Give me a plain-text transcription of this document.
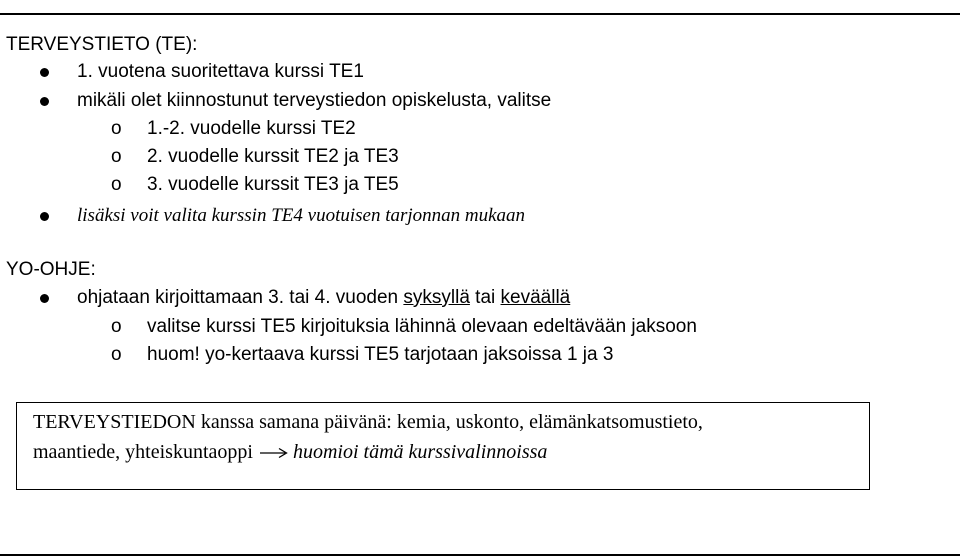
TERVEYSTIETO (TE):
1. vuotena suoritettava kurssi TE1
mikäli olet kiinnostunut terveystiedon opiskelusta, valitse
o 1.-2. vuodelle kurssi TE2
o 2. vuodelle kurssit TE2 ja TE3
o 3. vuodelle kurssit TE3 ja TE5
lisäksi voit valita kurssin TE4 vuotuisen tarjonnan mukaan
YO-OHJE:
ohjataan kirjoittamaan 3. tai 4. vuoden syksyllä tai keväällä
o valitse kurssi TE5 kirjoituksia lähinnä olevaan edeltävään jaksoon
o huom! yo-kertaava kurssi TE5 tarjotaan jaksoissa 1 ja 3
TERVEYSTIEDON kanssa samana päivänä: kemia, uskonto, elämänkatsomustieto,
maantiede, yhteiskuntaoppi huomioi tämä kurssivalinnoissa
